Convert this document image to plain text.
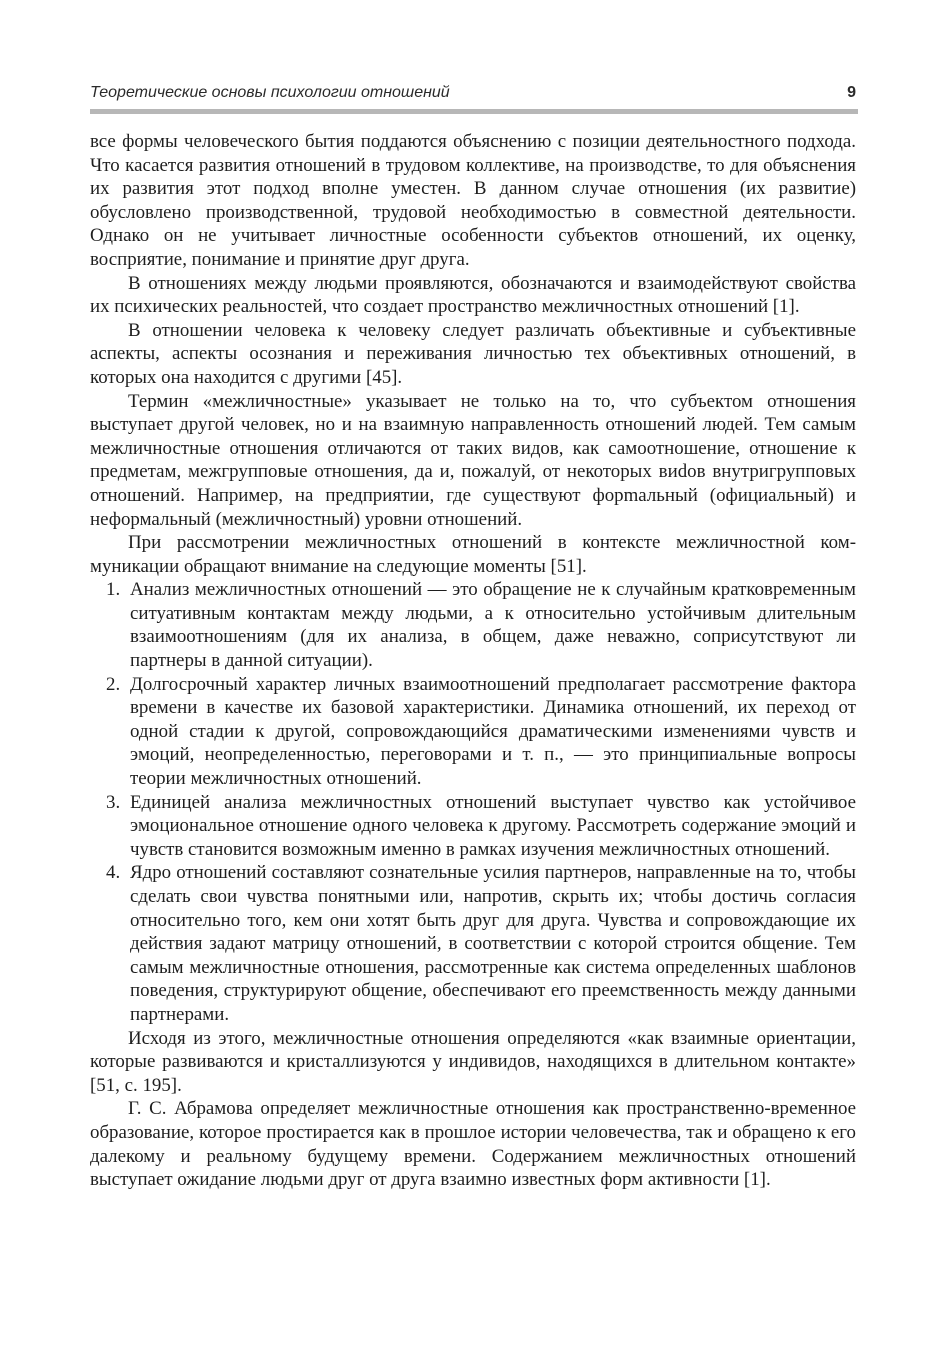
Теоретические основы психологии отношений	9

все формы человеческого бытия поддаются объяснению с позиции деятельностного подхода. Что касается развития отношений в трудовом коллективе, на производстве, то для объяснения их развития этот подход вполне уместен. В данном случае отношения (их развитие) обусловлено производственной, трудовой необходимостью в совместной деятельности. Однако он не учитывает личностные особенности субъектов отношений, их оценку, восприятие, понимание и принятие друг друга.

В отношениях между людьми проявляются, обозначаются и взаимодействуют свойства их психических реальностей, что создает пространство межличностных отношений [1].

В отношении человека к человеку следует различать объективные и субъективные аспекты, аспекты осознания и переживания личностью тех объективных отношений, в которых она находится с другими [45].

Термин «межличностные» указывает не только на то, что субъектом отношения выступает другой человек, но и на взаимную направленность отношений людей. Тем самым межличностные отношения отличаются от таких видов, как самоотношение, отношение к предметам, межгрупповые отношения, да и, пожалуй, от некоторых виdов внутригрупповых отношений. Например, на предприятии, где существуют форmальный (официальный) и неформальный (межличностный) уровни отношений.

При рассмотрении межличностных отношений в контексте межличностной коммуникации обращают внимание на следующие моменты [51].

1. Анализ межличностных отношений — это обращение не к случайным кратковременным ситуативным контактам между людьми, а к относительно устойчивым длительным взаимоотношениям (для их анализа, в общем, даже неважно, соприсутствуют ли партнеры в данной ситуации).
2. Долгосрочный характер личных взаимоотношений предполагает рассмотрение фактора времени в качестве их базовой характеристики. Динамика отношений, их переход от одной стадии к другой, сопровождающийся драматическими изменениями чувств и эмоций, неопределенностью, переговорами и т. п., — это принципиальные вопросы теории межличностных отношений.
3. Единицей анализа межличностных отношений выступает чувство как устойчивое эмоциональное отношение одного человека к другому. Рассмотреть содержание эмоций и чувств становится возможным именно в рамках изучения межличностных отношений.
4. Ядро отношений составляют сознательные усилия партнеров, направленные на то, чтобы сделать свои чувства понятными или, напротив, скрыть их; чтобы достичь согласия относительно того, кем они хотят быть друг для друга. Чувства и сопровождающие их действия задают матрицу отношений, в соответствии с которой строится общение. Тем самым межличностные отношения, рассмотренные как система определенных шаблонов поведения, структурируют общение, обеспечивают его преемственность между данными партнерами.

Исходя из этого, межличностные отношения определяются «как взаимные ориентации, которые развиваются и кристаллизуются у индивидов, находящихся в длительном контакте» [51, с. 195].

Г. С. Абрамова определяет межличностные отношения как пространственно-временное образование, которое простирается как в прошлое истории человечества, так и обращено к его далекому и реальному будущему времени. Содержанием межличностных отношений выступает ожидание людьми друг от друга взаимно известных форм активности [1].
